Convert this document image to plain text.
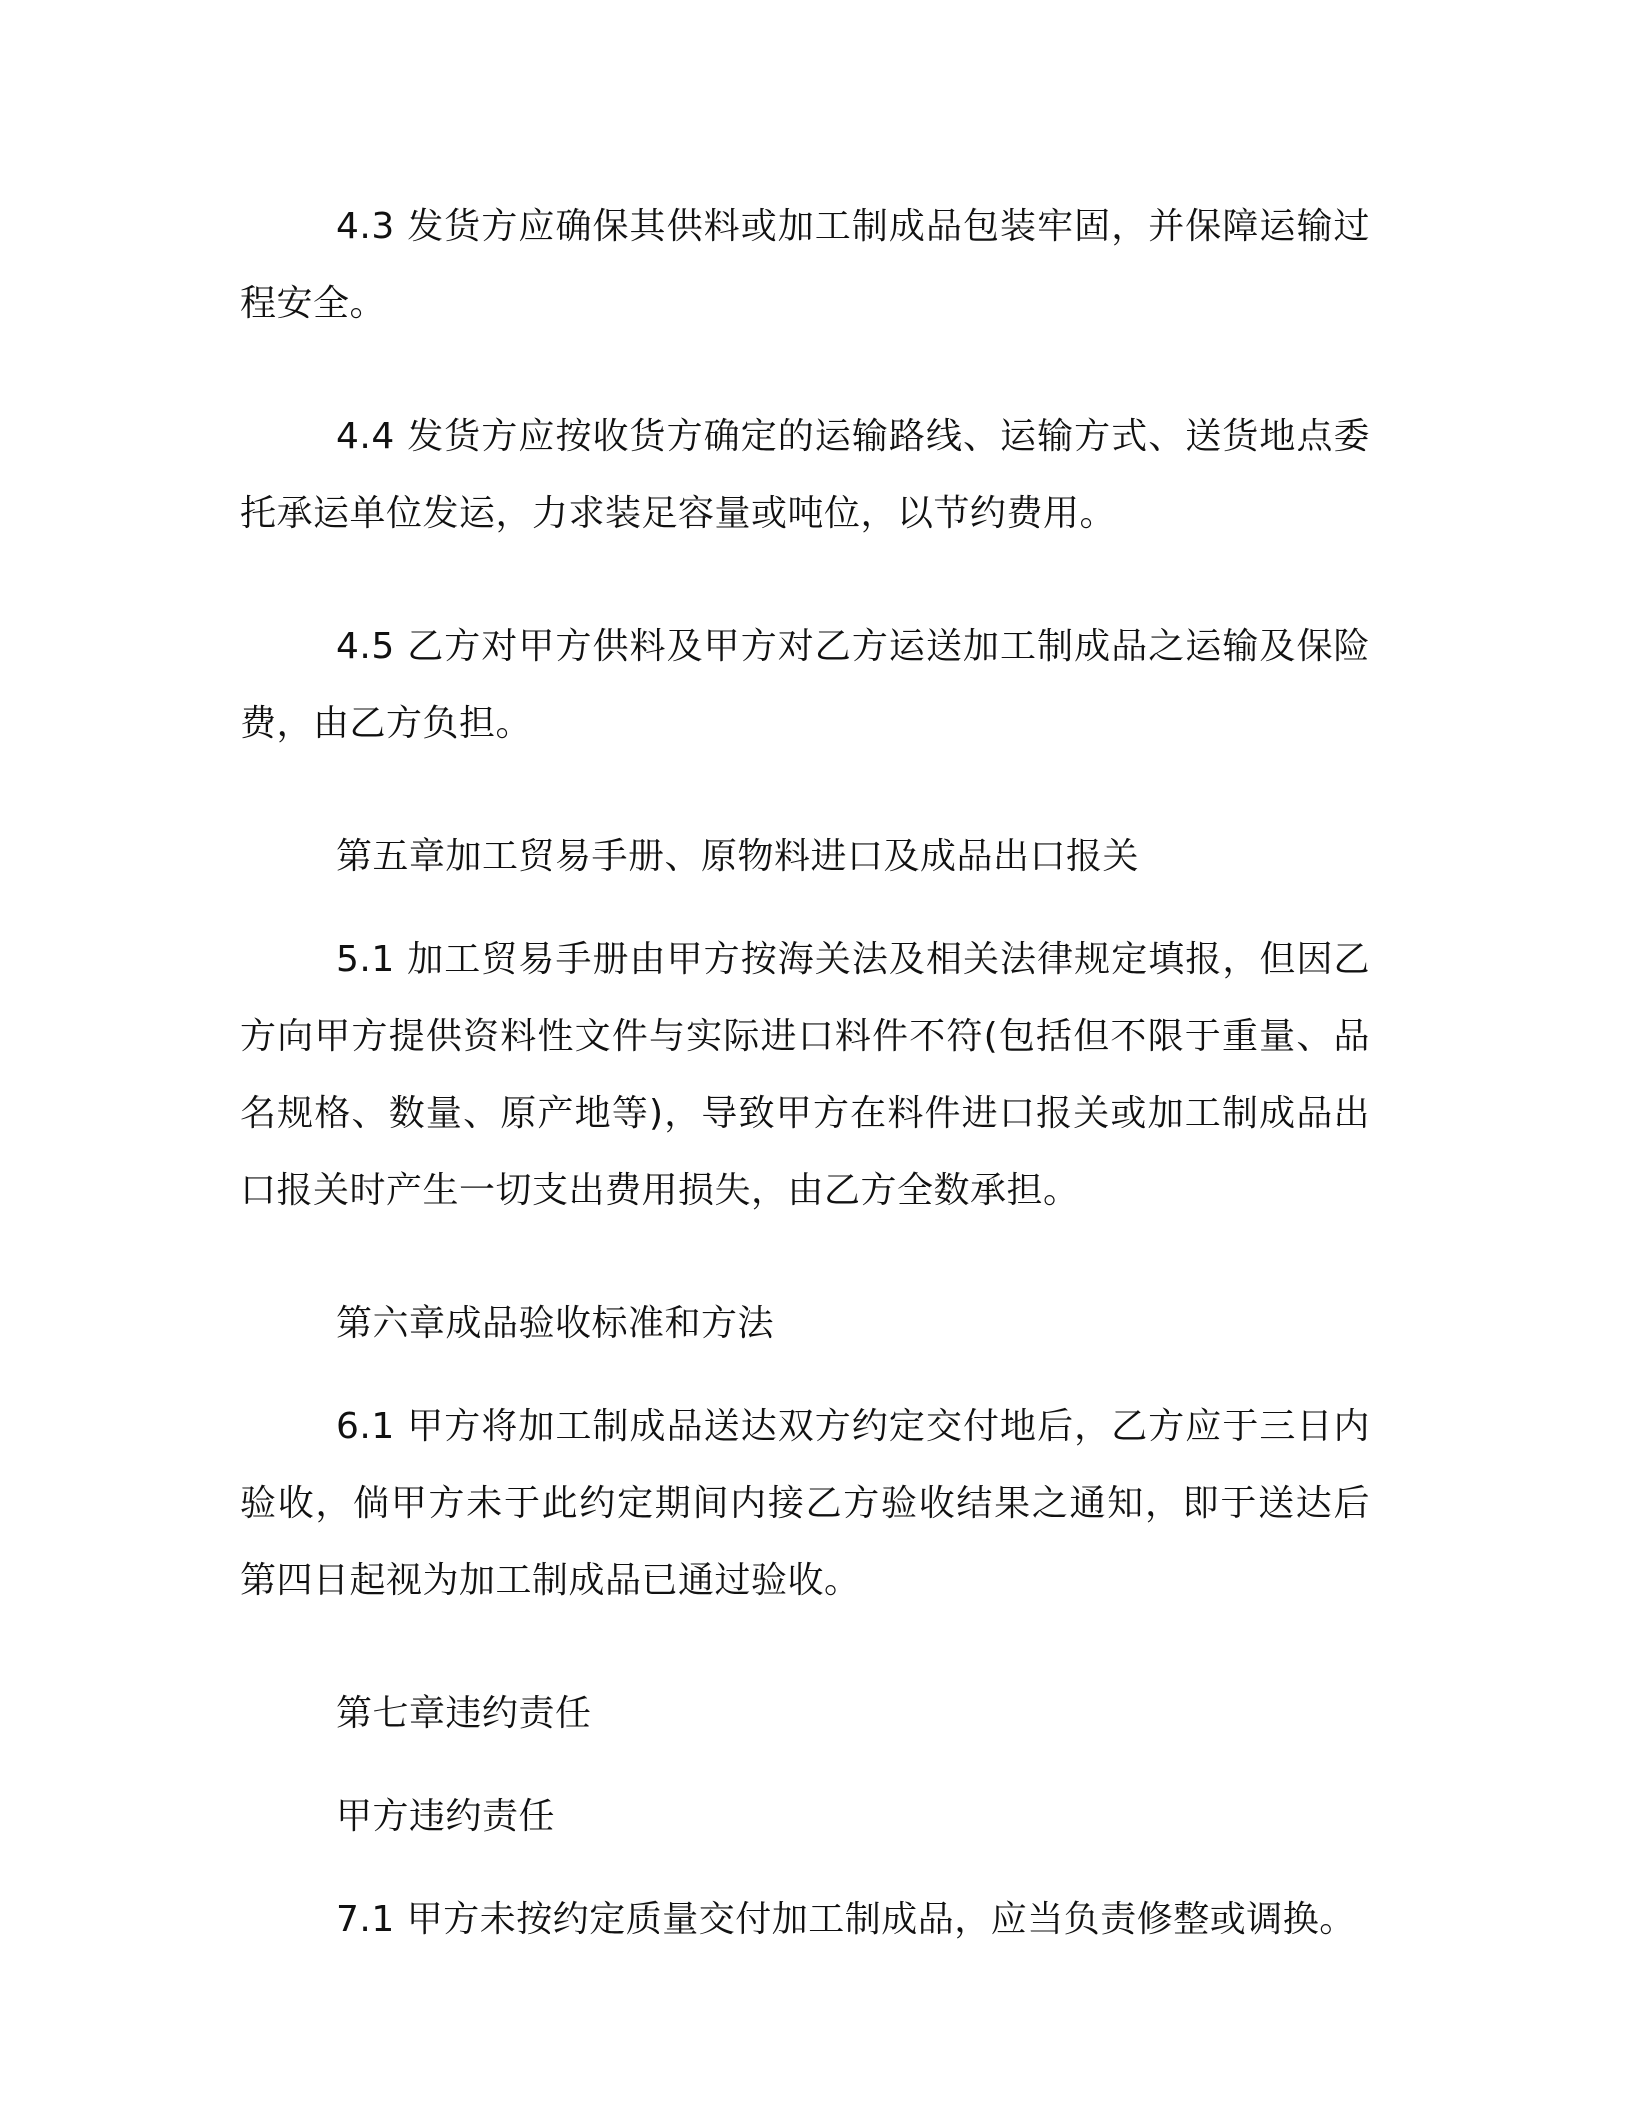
4.3 发货方应确保其供料或加工制成品包装牢固，并保障运输过程安全。

4.4 发货方应按收货方确定的运输路线、运输方式、送货地点委托承运单位发运，力求装足容量或吨位，以节约费用。

4.5 乙方对甲方供料及甲方对乙方运送加工制成品之运输及保险费，由乙方负担。

第五章加工贸易手册、原物料进口及成品出口报关

5.1 加工贸易手册由甲方按海关法及相关法律规定填报，但因乙方向甲方提供资料性文件与实际进口料件不符(包括但不限于重量、品名规格、数量、原产地等)，导致甲方在料件进口报关或加工制成品出口报关时产生一切支出费用损失，由乙方全数承担。

第六章成品验收标准和方法

6.1 甲方将加工制成品送达双方约定交付地后，乙方应于三日内验收，倘甲方未于此约定期间内接乙方验收结果之通知，即于送达后第四日起视为加工制成品已通过验收。

第七章违约责任

甲方违约责任

7.1 甲方未按约定质量交付加工制成品，应当负责修整或调换。
